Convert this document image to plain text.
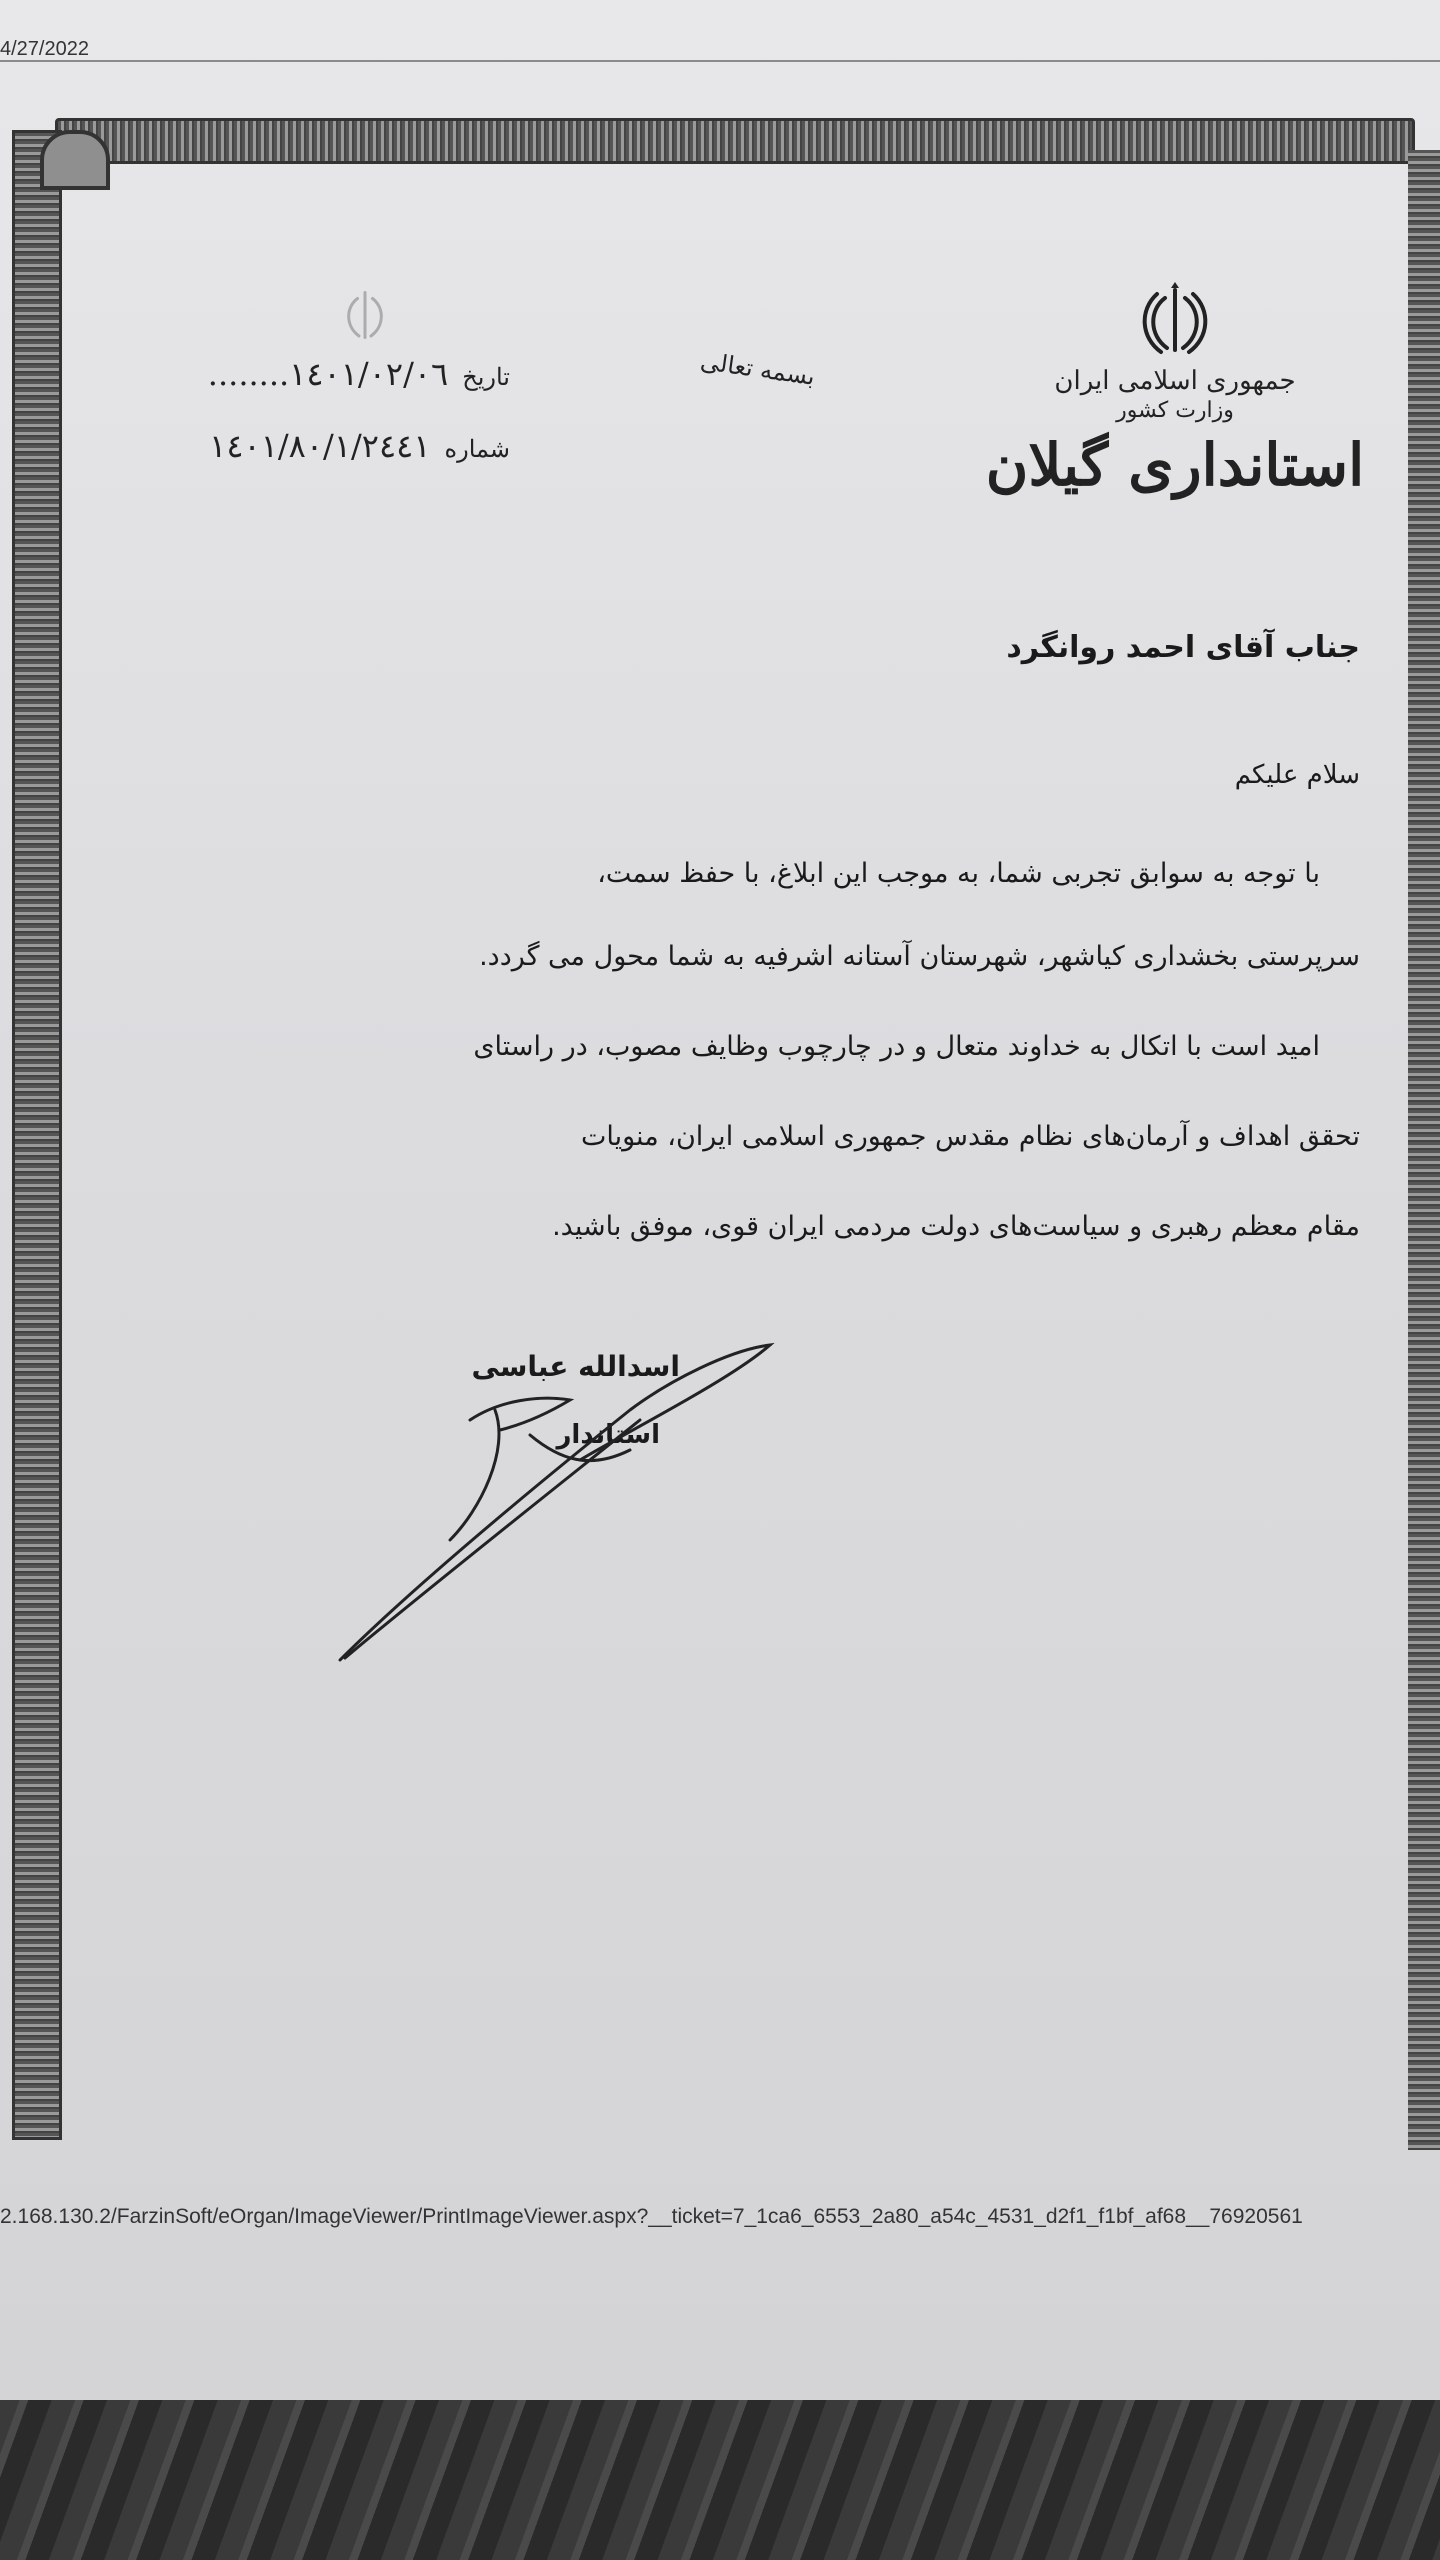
4/27/2022
جمهوری اسلامی ایران
وزارت کشور
استانداری گیلان
بسمه تعالی
تاریخ
........١٤٠١/٠٢/٠٦
شماره
١٤٠١/٨٠/١/٢٤٤١
جناب آقای احمد روانگرد
سلام علیکم
با توجه به سوابق تجربی شما، به موجب این ابلاغ، با حفظ سمت،
سرپرستی بخشداری کیاشهر، شهرستان آستانه اشرفیه به شما محول می گردد.
امید است با اتکال به خداوند متعال و در چارچوب وظایف مصوب، در راستای
تحقق اهداف و آرمان‌های نظام مقدس جمهوری اسلامی ایران، منویات
مقام معظم رهبری و سیاست‌های دولت مردمی ایران قوی، موفق باشید.
اسدالله عباسی
استاندار
2.168.130.2/FarzinSoft/eOrgan/ImageViewer/PrintImageViewer.aspx?__ticket=7_1ca6_6553_2a80_a54c_4531_d2f1_f1bf_af68__76920561
